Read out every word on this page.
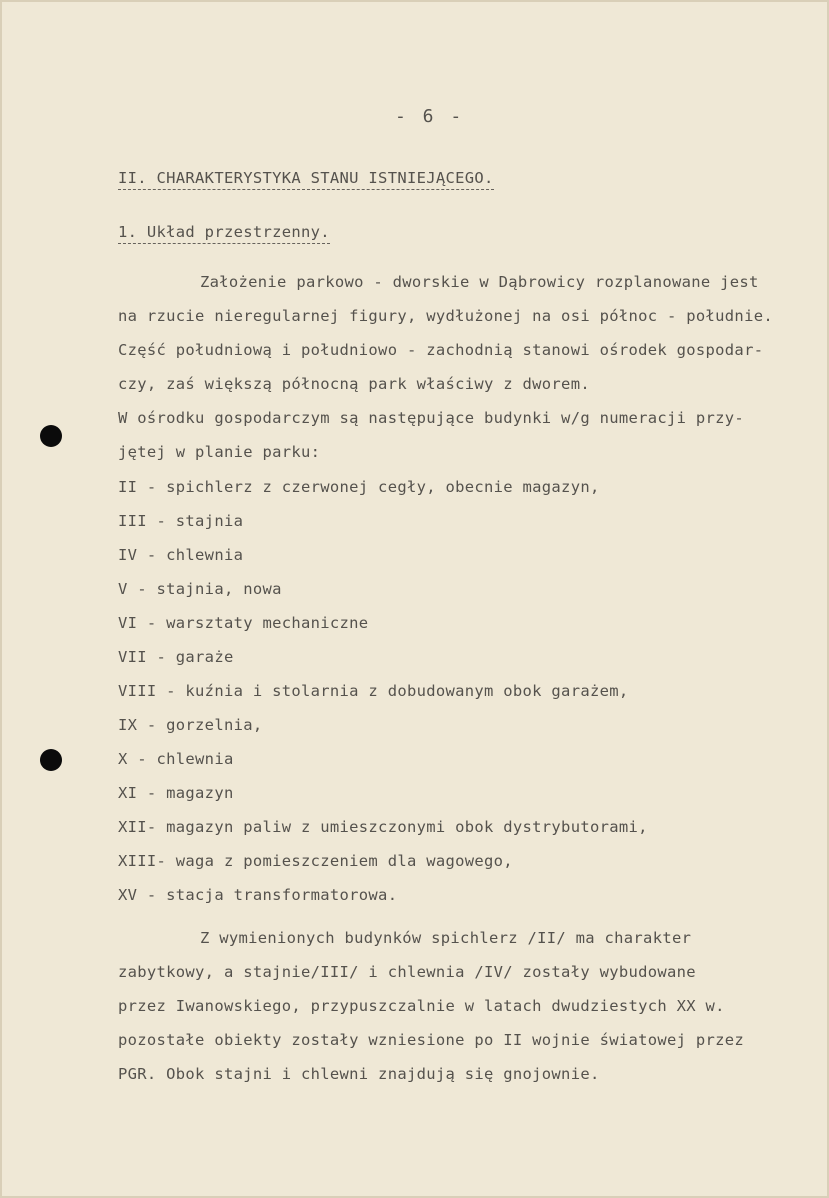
- 6 -
II. CHARAKTERYSTYKA STANU ISTNIEJĄCEGO.
1. Układ przestrzenny.
Założenie parkowo - dworskie w Dąbrowicy rozplanowane jest
na rzucie nieregularnej figury, wydłużonej na osi północ - południe.
Część południową i południowo - zachodnią stanowi ośrodek gospodar-
czy, zaś większą północną park właściwy z dworem.
W ośrodku gospodarczym są następujące budynki w/g numeracji przy-
jętej w planie parku:
II - spichlerz z czerwonej cegły, obecnie magazyn,
III - stajnia
IV - chlewnia
V - stajnia, nowa
VI - warsztaty mechaniczne
VII - garaże
VIII - kuźnia i stolarnia z dobudowanym obok garażem,
IX - gorzelnia,
X - chlewnia
XI - magazyn
XII- magazyn paliw z umieszczonymi obok dystrybutorami,
XIII- waga z pomieszczeniem dla wagowego,
XV - stacja transformatorowa.
Z wymienionych budynków spichlerz /II/ ma charakter
zabytkowy, a stajnie/III/ i chlewnia /IV/ zostały wybudowane
przez Iwanowskiego, przypuszczalnie w latach dwudziestych XX w.
pozostałe obiekty zostały wzniesione po II wojnie światowej przez
PGR. Obok stajni i chlewni znajdują się gnojownie.
